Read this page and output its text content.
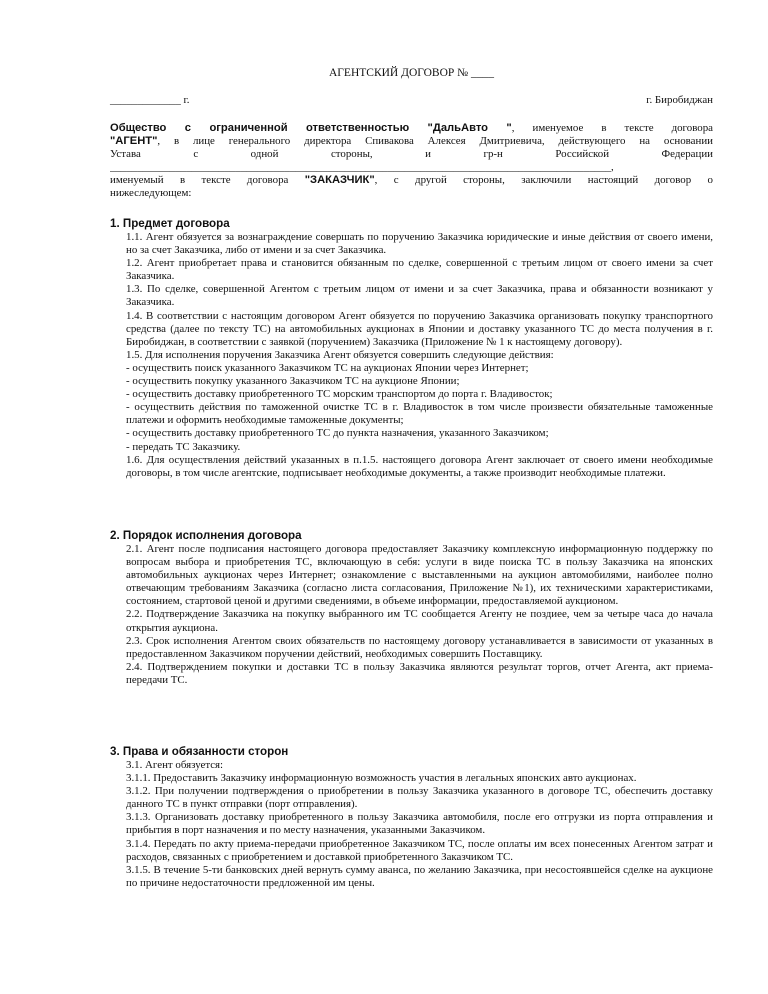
АГЕНТСКИЙ ДОГОВОР № ____
_____________ г.	г. Биробиджан
Общество с ограниченной ответственностью "ДальАвто ", именуемое в тексте договора
"АГЕНТ", в лице генерального директора Спивакова Алексея Дмитриевича, действующего на основании
Устава с одной стороны, и гр-н Российской Федерации
____________________________________________________________________________________________,
именуемый в тексте договора "ЗАКАЗЧИК", с другой стороны, заключили настоящий договор о
нижеследующем:

1. Предмет договора

1.1. Агент обязуется за вознаграждение совершать по поручению Заказчика юридические и иные действия от своего имени, но за счет Заказчика, либо от имени и за счет Заказчика.

1.2. Агент приобретает права и становится обязанным по сделке, совершенной с третьим лицом от своего имени за счет Заказчика.

1.3. По сделке, совершенной Агентом с третьим лицом от имени и за счет Заказчика, права и обязанности возникают у Заказчика.

1.4. В соответствии с настоящим договором Агент обязуется по поручению Заказчика организовать покупку транспортного средства (далее по тексту ТС) на автомобильных аукционах в Японии и доставку указанного ТС до места получения в г. Биробиджан, в соответствии с заявкой (поручением) Заказчика (Приложение № 1 к настоящему договору).

1.5. Для исполнения поручения Заказчика Агент обязуется совершить следующие действия:

- осуществить поиск указанного Заказчиком ТС на аукционах Японии через Интернет;

- осуществить покупку указанного Заказчиком ТС на аукционе Японии;

- осуществить доставку приобретенного ТС морским транспортом до порта г. Владивосток;

- осуществить действия по таможенной очистке ТС в г. Владивосток в том числе произвести обязательные таможенные платежи и оформить необходимые таможенные документы;

- осуществить доставку приобретенного ТС до пункта назначения, указанного Заказчиком;

- передать ТС Заказчику.

1.6. Для осуществления действий указанных в п.1.5. настоящего договора Агент заключает от своего имени необходимые договоры, в том числе агентские, подписывает необходимые документы, а также производит необходимые платежи.

2. Порядок исполнения договора

2.1. Агент после подписания настоящего договора предоставляет Заказчику комплексную информационную поддержку по вопросам выбора и приобретения ТС, включающую в себя: услуги в виде поиска ТС в пользу Заказчика на японских автомобильных аукционах через Интернет; ознакомление с выставленными на аукцион автомобилями, наиболее полно отвечающим требованиям Заказчика (согласно листа согласования, Приложение №1), их техническими характеристиками, состоянием, стартовой ценой и другими сведениями, в объеме информации, предоставляемой аукционом.

2.2. Подтверждение Заказчика на покупку выбранного им ТС сообщается Агенту не поздиее, чем за четыре часа до начала открытия аукциона.

2.3. Срок исполнения Агентом своих обязательств по настоящему договору устанавливается в зависимости от указанных в предоставленном Заказчиком поручении действий, необходимых совершить Поставщику.

2.4. Подтверждением покупки и доставки ТС в пользу Заказчика являются результат торгов, отчет Агента, акт приема-передачи ТС.

3. Права и обязанности сторон

3.1. Агент обязуется:

3.1.1. Предоставить Заказчику информационную возможность участия в легальных японских авто аукционах.

3.1.2. При получении подтверждения о приобретении в пользу Заказчика указанного в договоре ТС, обеспечить доставку данного ТС в пункт отправки (порт отправления).

3.1.3. Организовать доставку приобретенного в пользу Заказчика автомобиля, после его отгрузки из порта отправления и прибытия в порт назначения и по месту назначения, указанными Заказчиком.

3.1.4. Передать по акту приема-передачи приобретенное Заказчиком ТС, после оплаты им всех понесенных Агентом затрат и расходов, связанных с приобретением и доставкой приобретенного Заказчиком ТС.

3.1.5. В течение 5-ти банковских дней вернуть сумму аванса, по желанию Заказчика, при несостоявшейся сделке на аукционе по причине недостаточности предложенной им цены.
